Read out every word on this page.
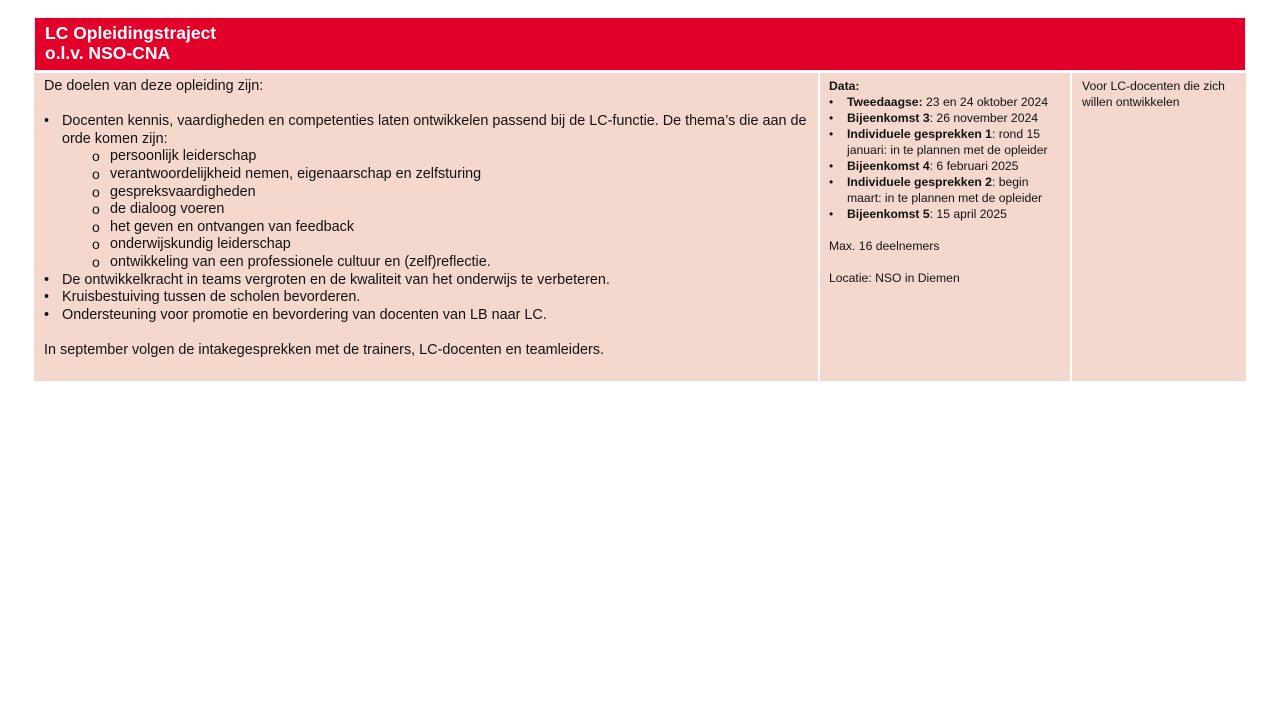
LC Opleidingstraject
o.l.v. NSO-CNA
De doelen van deze opleiding zijn:
• Docenten kennis, vaardigheden en competenties laten ontwikkelen passend bij de LC-functie. De thema’s die aan de orde komen zijn:
o persoonlijk leiderschap
o verantwoordelijkheid nemen, eigenaarschap en zelfsturing
o gespreksvaardigheden
o de dialoog voeren
o het geven en ontvangen van feedback
o onderwijskundig leiderschap
o ontwikkeling van een professionele cultuur en (zelf)reflectie.
• De ontwikkelkracht in teams vergroten en de kwaliteit van het onderwijs te verbeteren.
• Kruisbestuiving tussen de scholen bevorderen.
• Ondersteuning voor promotie en bevordering van docenten van LB naar LC.
In september volgen de intakegesprekken met de trainers, LC-docenten en teamleiders.
Data:
•	Tweedaagse: 23 en 24 oktober 2024
•	Bijeenkomst 3: 26 november 2024
•	Individuele gesprekken 1: rond 15 januari: in te plannen met de opleider
•	Bijeenkomst 4: 6 februari 2025
•	Individuele gesprekken 2: begin maart: in te plannen met de opleider
•	Bijeenkomst 5: 15 april 2025
Max. 16 deelnemers
Locatie: NSO in Diemen
Voor LC-docenten die zich willen ontwikkelen
